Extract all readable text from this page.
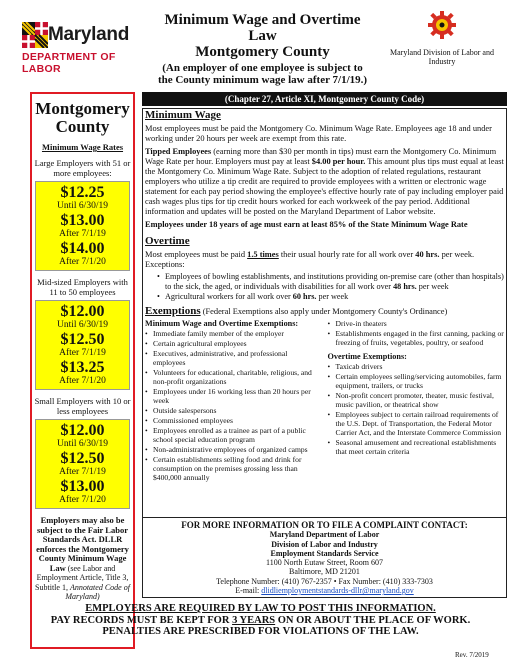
Maryland
DEPARTMENT OF LABOR
Minimum Wage and Overtime
Law
Montgomery County
(An employer of one employee is subject to the County minimum wage law after 7/1/19.)
Maryland Division of Labor and Industry
Montgomery County
Minimum Wage Rates
Large Employers with 51 or more employees:
$12.25
Until 6/30/19
$13.00
After 7/1/19
$14.00
After 7/1/20
Mid-sized Employers with 11 to 50 employees
$12.00
Until 6/30/19
$12.50
After 7/1/19
$13.25
After 7/1/20
Small Employers with 10 or less employees
$12.00
Until 6/30/19
$12.50
After 7/1/19
$13.00
After 7/1/20
Employers may also be subject to the Fair Labor Standards Act. DLLR enforces the Montgomery County Minimum Wage Law (see Labor and Employment Article, Title 3, Subtitle 1, Annotated Code of Maryland)
(Chapter 27, Article XI, Montgomery County Code)
Minimum Wage
Most employees must be paid the Montgomery Co. Minimum Wage Rate. Employees age 18 and under working under 20 hours per week are exempt from this rate.
Tipped Employees (earning more than $30 per month in tips) must earn the Montgomery Co. Minimum Wage Rate per hour. Employers must pay at least $4.00 per hour. This amount plus tips must equal at least the Montgomery Co. Minimum Wage Rate. Subject to the adoption of related regulations, restaurant employers who utilize a tip credit are required to provide employees with a written or electronic wage statement for each pay period showing the employee's effective hourly rate of pay including employer paid cash wages plus tips for tip credit hours worked for each workweek of the pay period. Additional information and updates will be posted on the Maryland Department of Labor website.
Employees under 18 years of age must earn at least 85% of the State Minimum Wage Rate
Overtime
Most employees must be paid 1.5 times their usual hourly rate for all work over 40 hrs. per week. Exceptions:
• Employees of bowling establishments, and institutions providing on-premise care (other than hospitals) to the sick, the aged, or individuals with disabilities for all work over 48 hrs. per week
• Agricultural workers for all work over 60 hrs. per week
Exemptions (Federal Exemptions also apply under Montgomery County's Ordinance)
Minimum Wage and Overtime Exemptions:
• Immediate family member of the employer
• Certain agricultural employees
• Executives, administrative, and professional employees
• Volunteers for educational, charitable, religious, and non-profit organizations
• Employees under 16 working less than 20 hours per week
• Outside salespersons
• Commissioned employees
• Employees enrolled as a trainee as part of a public school special education program
• Non-administrative employees of organized camps
• Certain establishments selling food and drink for consumption on the premises grossing less than $400,000 annually
• Drive-in theaters
• Establishments engaged in the first canning, packing or freezing of fruits, vegetables, poultry, or seafood
Overtime Exemptions:
• Taxicab drivers
• Certain employees selling/servicing automobiles, farm equipment, trailers, or trucks
• Non-profit concert promoter, theater, music festival, music pavilion, or theatrical show
• Employees subject to certain railroad requirements of the U.S. Dept. of Transportation, the Federal Motor Carrier Act, and the Interstate Commerce Commission
• Seasonal amusement and recreational establishments that meet certain criteria
FOR MORE INFORMATION OR TO FILE A COMPLAINT CONTACT:
Maryland Department of Labor
Division of Labor and Industry
Employment Standards Service
1100 North Eutaw Street, Room 607
Baltimore, MD 21201
Telephone Number: (410) 767-2357 • Fax Number: (410) 333-7303
E-mail: dlidliemploymentstandards-dllr@maryland.gov
EMPLOYERS ARE REQUIRED BY LAW TO POST THIS INFORMATION.
PAY RECORDS MUST BE KEPT FOR 3 YEARS ON OR ABOUT THE PLACE OF WORK.
PENALTIES ARE PRESCRIBED FOR VIOLATIONS OF THE LAW.
Rev. 7/2019
